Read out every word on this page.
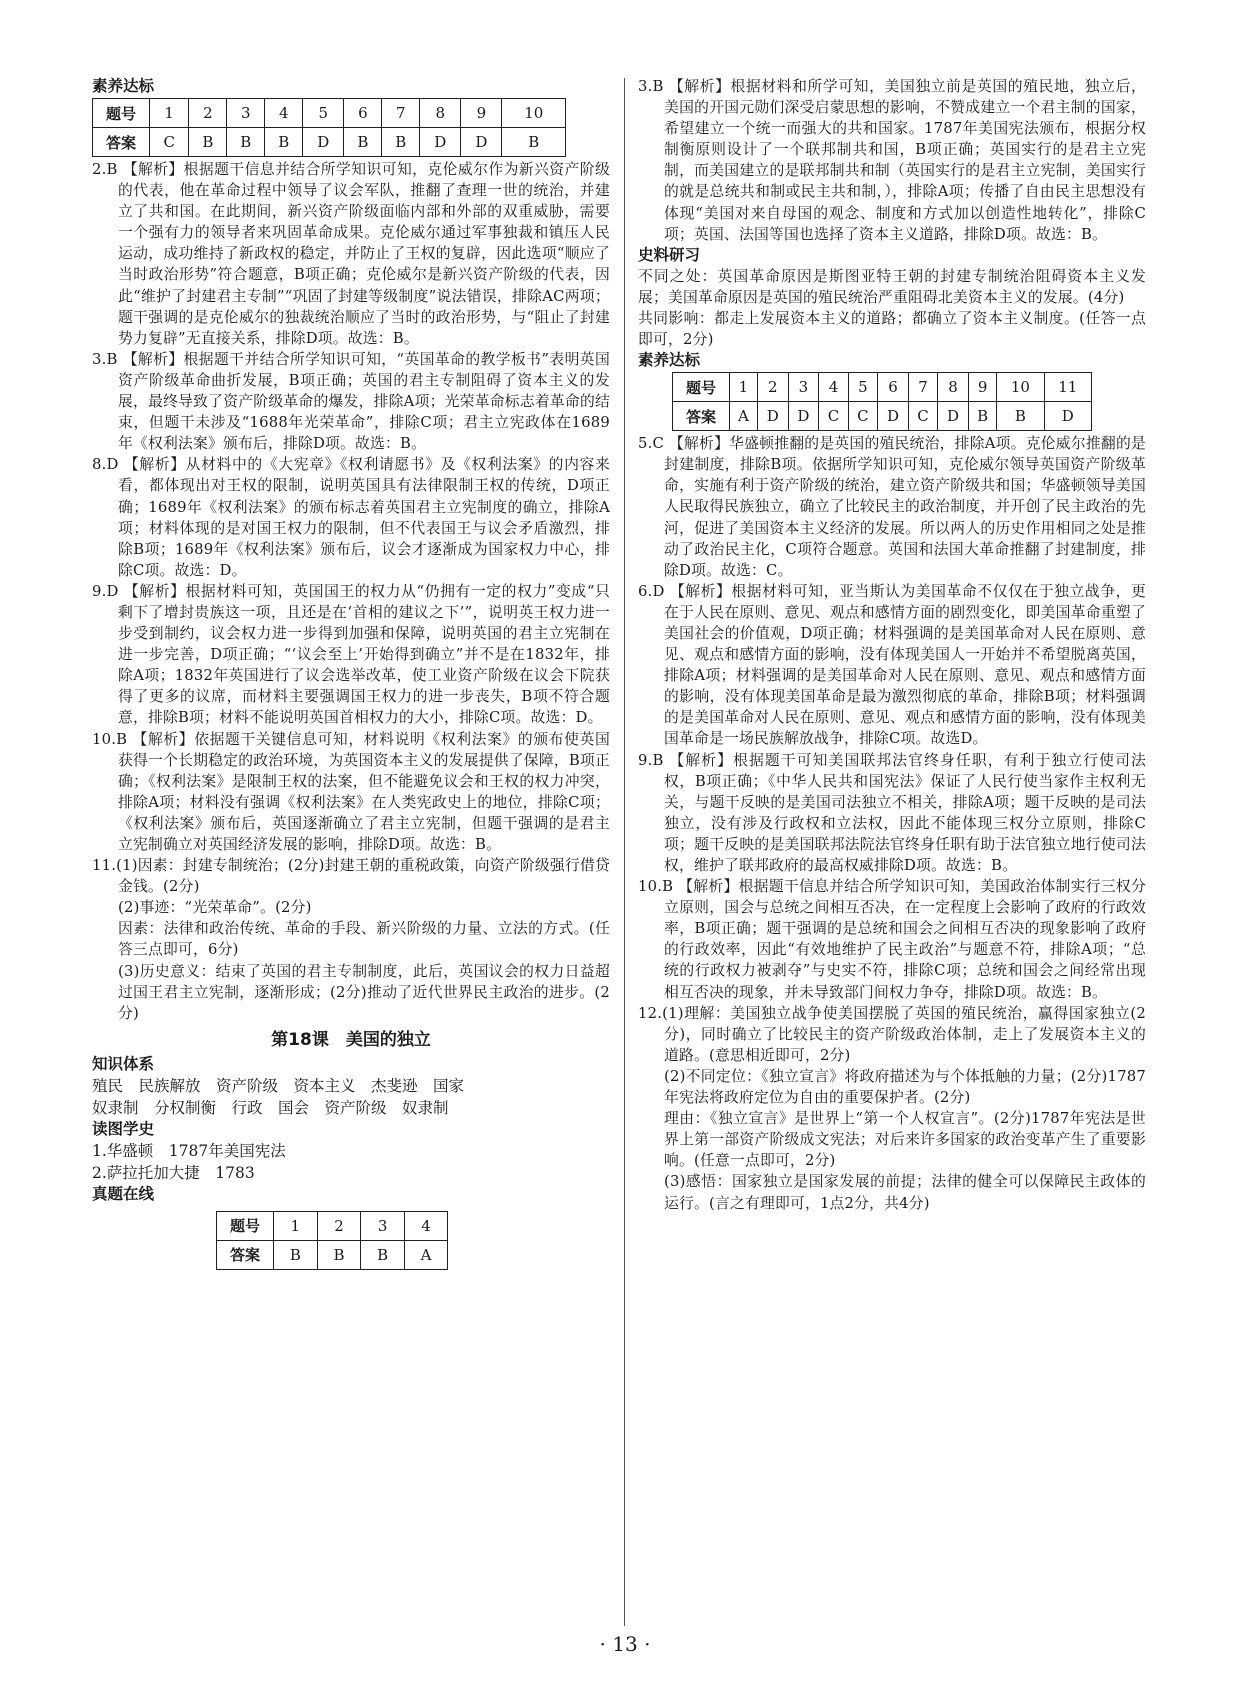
素养达标
题号	1	2	3	4	5	6	7	8	9	10
答案	C	B	B	B	D	B	B	D	D	B
2.B 【解析】根据题干信息并结合所学知识可知，克伦威尔作为新兴资产阶级的代表，他在革命过程中领导了议会军队，推翻了查理一世的统治，并建立了共和国。在此期间，新兴资产阶级面临内部和外部的双重威胁，需要一个强有力的领导者来巩固革命成果。克伦威尔通过军事独裁和镇压人民运动，成功维持了新政权的稳定，并防止了王权的复辟，因此选项“顺应了当时政治形势”符合题意，B项正确；克伦威尔是新兴资产阶级的代表，因此“维护了封建君主专制”“巩固了封建等级制度”说法错误，排除AC两项；题干强调的是克伦威尔的独裁统治顺应了当时的政治形势，与“阻止了封建势力复辟”无直接关系，排除D项。故选：B。
3.B 【解析】根据题干并结合所学知识可知，“英国革命的教学板书”表明英国资产阶级革命曲折发展，B项正确；英国的君主专制阻碍了资本主义的发展，最终导致了资产阶级革命的爆发，排除A项；光荣革命标志着革命的结束，但题干未涉及“1688年光荣革命”，排除C项；君主立宪政体在1689年《权利法案》颁布后，排除D项。故选：B。
8.D 【解析】从材料中的《大宪章》《权利请愿书》及《权利法案》的内容来看，都体现出对王权的限制，说明英国具有法律限制王权的传统，D项正确；1689年《权利法案》的颁布标志着英国君主立宪制度的确立，排除A项；材料体现的是对国王权力的限制，但不代表国王与议会矛盾激烈，排除B项；1689年《权利法案》颁布后，议会才逐渐成为国家权力中心，排除C项。故选：D。
9.D 【解析】根据材料可知，英国国王的权力从“仍拥有一定的权力”变成“只剩下了增封贵族这一项，且还是在‘首相的建议之下’”，说明英王权力进一步受到制约，议会权力进一步得到加强和保障，说明英国的君主立宪制在进一步完善，D项正确；“‘议会至上’开始得到确立”并不是在1832年，排除A项；1832年英国进行了议会选举改革，使工业资产阶级在议会下院获得了更多的议席，而材料主要强调国王权力的进一步丧失，B项不符合题意，排除B项；材料不能说明英国首相权力的大小，排除C项。故选：D。
10.B 【解析】依据题干关键信息可知，材料说明《权利法案》的颁布使英国获得一个长期稳定的政治环境，为英国资本主义的发展提供了保障，B项正确；《权利法案》是限制王权的法案，但不能避免议会和王权的权力冲突，排除A项；材料没有强调《权利法案》在人类宪政史上的地位，排除C项；《权利法案》颁布后，英国逐渐确立了君主立宪制，但题干强调的是君主立宪制确立对英国经济发展的影响，排除D项。故选：B。
11.(1)因素：封建专制统治；(2分)封建王朝的重税政策，向资产阶级强行借贷金钱。(2分)
(2)事迹：“光荣革命”。(2分)
因素：法律和政治传统、革命的手段、新兴阶级的力量、立法的方式。(任答三点即可，6分)
(3)历史意义：结束了英国的君主专制制度，此后，英国议会的权力日益超过国王君主立宪制，逐渐形成；(2分)推动了近代世界民主政治的进步。(2分)
第18课　美国的独立
知识体系
殖民　民族解放　资产阶级　资本主义　杰斐逊　国家
奴隶制　分权制衡　行政　国会　资产阶级　奴隶制
读图学史
1.华盛顿　1787年美国宪法
2.萨拉托加大捷　1783
真题在线
题号	1	2	3	4
答案	B	B	B	A
3.B 【解析】根据材料和所学可知，美国独立前是英国的殖民地，独立后，美国的开国元勋们深受启蒙思想的影响，不赞成建立一个君主制的国家，希望建立一个统一而强大的共和国家。1787年美国宪法颁布，根据分权制衡原则设计了一个联邦制共和国，B项正确；英国实行的是君主立宪制，而美国建立的是联邦制共和制（英国实行的是君主立宪制，美国实行的就是总统共和制或民主共和制，），排除A项；传播了自由民主思想没有体现“美国对来自母国的观念、制度和方式加以创造性地转化”，排除C项；英国、法国等国也选择了资本主义道路，排除D项。故选：B。
史料研习
不同之处：英国革命原因是斯图亚特王朝的封建专制统治阻碍资本主义发展；美国革命原因是英国的殖民统治严重阻碍北美资本主义的发展。(4分)
共同影响：都走上发展资本主义的道路；都确立了资本主义制度。(任答一点即可，2分)
素养达标
题号	1	2	3	4	5	6	7	8	9	10	11
答案	A	D	D	C	C	D	C	D	B	B	D
5.C 【解析】华盛顿推翻的是英国的殖民统治，排除A项。克伦威尔推翻的是封建制度，排除B项。依据所学知识可知，克伦威尔领导英国资产阶级革命，实施有利于资产阶级的统治，建立资产阶级共和国；华盛顿领导美国人民取得民族独立，确立了比较民主的政治制度，并开创了民主政治的先河，促进了美国资本主义经济的发展。所以两人的历史作用相同之处是推动了政治民主化，C项符合题意。英国和法国大革命推翻了封建制度，排除D项。故选：C。
6.D 【解析】根据材料可知，亚当斯认为美国革命不仅仅在于独立战争，更在于人民在原则、意见、观点和感情方面的剧烈变化，即美国革命重塑了美国社会的价值观，D项正确；材料强调的是美国革命对人民在原则、意见、观点和感情方面的影响，没有体现美国人一开始并不希望脱离英国，排除A项；材料强调的是美国革命对人民在原则、意见、观点和感情方面的影响，没有体现美国革命是最为激烈彻底的革命，排除B项；材料强调的是美国革命对人民在原则、意见、观点和感情方面的影响，没有体现美国革命是一场民族解放战争，排除C项。故选D。
9.B 【解析】根据题干可知美国联邦法官终身任职，有利于独立行使司法权，B项正确；《中华人民共和国宪法》保证了人民行使当家作主权利无关，与题干反映的是美国司法独立不相关，排除A项；题干反映的是司法独立，没有涉及行政权和立法权，因此不能体现三权分立原则，排除C项；题干反映的是美国联邦法院法官终身任职有助于法官独立地行使司法权，维护了联邦政府的最高权威排除D项。故选：B。
10.B 【解析】根据题干信息并结合所学知识可知，美国政治体制实行三权分立原则，国会与总统之间相互否决，在一定程度上会影响了政府的行政效率，B项正确；题干强调的是总统和国会之间相互否决的现象影响了政府的行政效率，因此“有效地维护了民主政治”与题意不符，排除A项；“总统的行政权力被剥夺”与史实不符，排除C项；总统和国会之间经常出现相互否决的现象，并未导致部门间权力争夺，排除D项。故选：B。
12.(1)理解：美国独立战争使美国摆脱了英国的殖民统治，赢得国家独立(2分)，同时确立了比较民主的资产阶级政治体制，走上了发展资本主义的道路。(意思相近即可，2分)
(2)不同定位：《独立宣言》将政府描述为与个体抵触的力量；(2分)1787年宪法将政府定位为自由的重要保护者。(2分)
理由：《独立宣言》是世界上“第一个人权宣言”。(2分)1787年宪法是世界上第一部资产阶级成文宪法；对后来许多国家的政治变革产生了重要影响。(任意一点即可，2分)
(3)感悟：国家独立是国家发展的前提；法律的健全可以保障民主政体的运行。(言之有理即可，1点2分，共4分)
· 13 ·
